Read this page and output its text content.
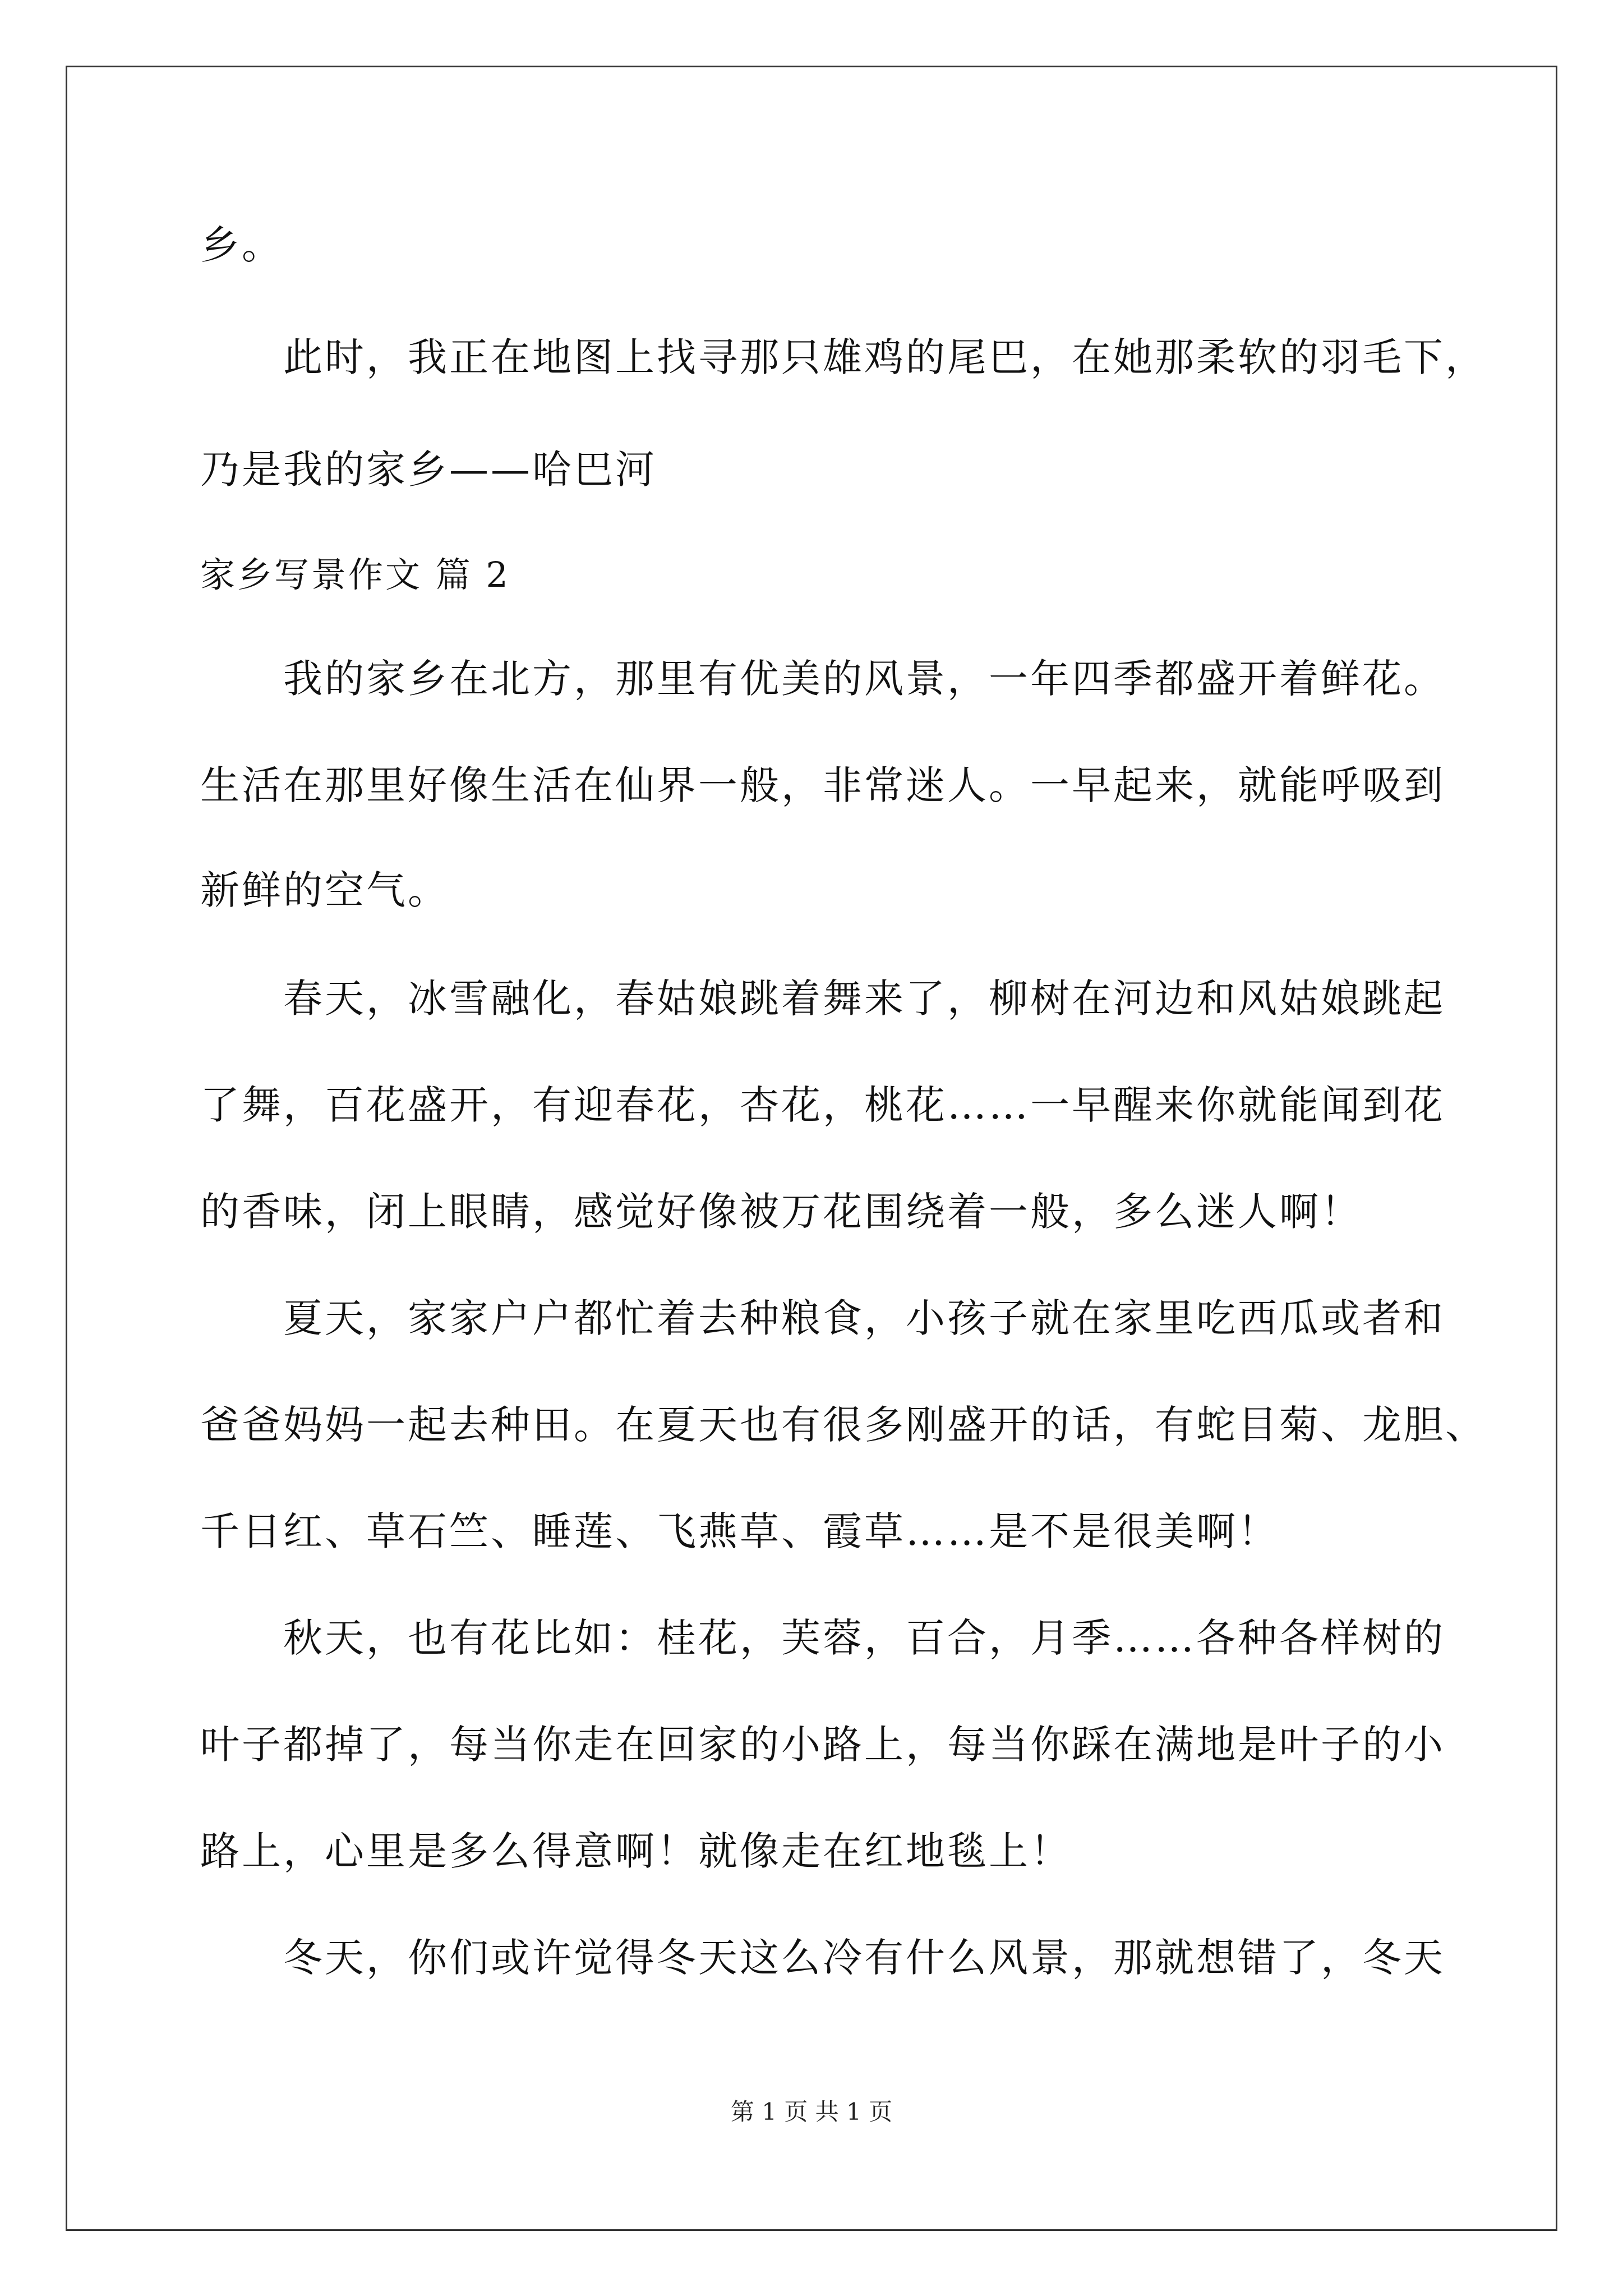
乡。
此时，我正在地图上找寻那只雄鸡的尾巴，在她那柔软的羽毛下，
乃是我的家乡——哈巴河
家乡写景作文 篇 2
我的家乡在北方，那里有优美的风景，一年四季都盛开着鲜花。
生活在那里好像生活在仙界一般，非常迷人。一早起来，就能呼吸到
新鲜的空气。
春天，冰雪融化，春姑娘跳着舞来了，柳树在河边和风姑娘跳起
了舞，百花盛开，有迎春花，杏花，桃花……一早醒来你就能闻到花
的香味，闭上眼睛，感觉好像被万花围绕着一般，多么迷人啊！
夏天，家家户户都忙着去种粮食，小孩子就在家里吃西瓜或者和
爸爸妈妈一起去种田。在夏天也有很多刚盛开的话，有蛇目菊、龙胆、
千日红、草石竺、睡莲、飞燕草、霞草……是不是很美啊！
秋天，也有花比如：桂花，芙蓉，百合，月季……各种各样树的
叶子都掉了，每当你走在回家的小路上，每当你踩在满地是叶子的小
路上，心里是多么得意啊！就像走在红地毯上！
冬天，你们或许觉得冬天这么冷有什么风景，那就想错了，冬天
第 1 页 共 1 页
